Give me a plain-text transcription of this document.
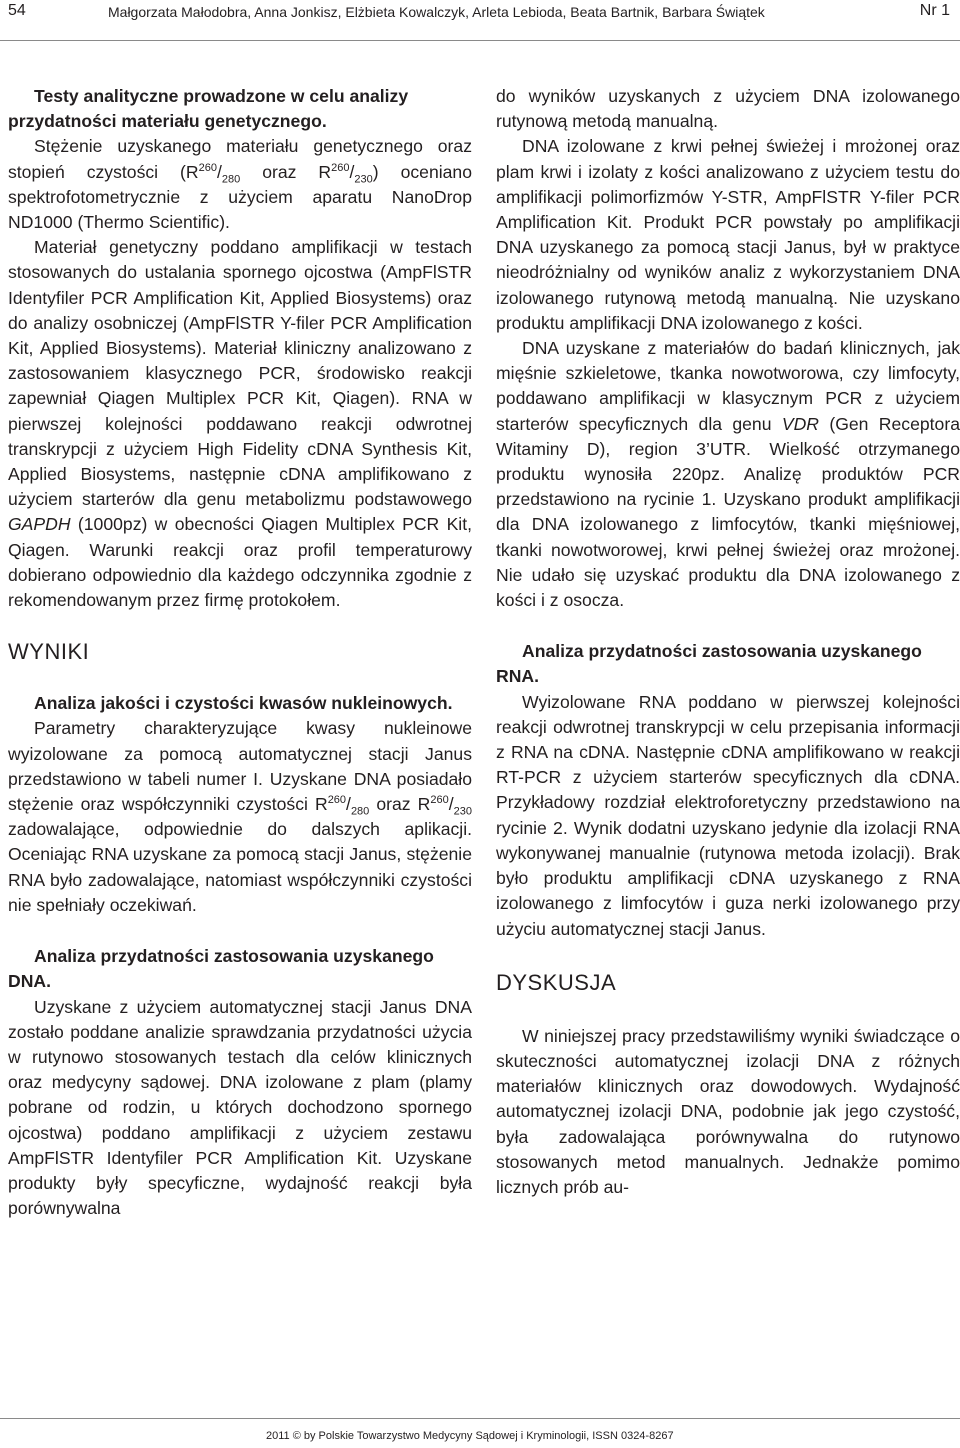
54	Małgorzata Małodobra, Anna Jonkisz, Elżbieta Kowalczyk, Arleta Lebioda, Beata Bartnik, Barbara Świątek	Nr 1

Testy analityczne prowadzone w celu analizy przydatności materiału genetycznego.

Stężenie uzyskanego materiału genetycznego oraz stopień czystości ($R^{260}/_{280}$ oraz $R^{260}/_{230}$) oceniano spektrofotometrycznie z użyciem aparatu NanoDrop ND1000 (Thermo Scientific).

Materiał genetyczny poddano amplifikacji w testach stosowanych do ustalania spornego ojcostwa (AmpFlSTR Identyfiler PCR Amplification Kit, Applied Biosystems) oraz do analizy osobniczej (AmpFlSTR Y-filer PCR Amplification Kit, Applied Biosystems). Materiał kliniczny analizowano z zastosowaniem klasycznego PCR, środowisko reakcji zapewniał Qiagen Multiplex PCR Kit, Qiagen). RNA w pierwszej kolejności poddawano reakcji odwrotnej transkrypcji z użyciem High Fidelity cDNA Synthesis Kit, Applied Biosystems, następnie cDNA amplifikowano z użyciem starterów dla genu metabolizmu podstawowego GAPDH (1000pz) w obecności Qiagen Multiplex PCR Kit, Qiagen. Warunki reakcji oraz profil temperaturowy dobierano odpowiednio dla każdego odczynnika zgodnie z rekomendowanym przez firmę protokołem.

WYNIKI

Analiza jakości i czystości kwasów nukleinowych.

Parametry charakteryzujące kwasy nukleinowe wyizolowane za pomocą automatycznej stacji Janus przedstawiono w tabeli numer I. Uzyskane DNA posiadało stężenie oraz współczynniki czystości $R^{260}/_{280}$ oraz $R^{260}/_{230}$ zadowalające, odpowiednie do dalszych aplikacji. Oceniając RNA uzyskane za pomocą stacji Janus, stężenie RNA było zadowalające, natomiast współczynniki czystości nie spełniały oczekiwań.

Analiza przydatności zastosowania uzyskanego DNA.

Uzyskane z użyciem automatycznej stacji Janus DNA zostało poddane analizie sprawdzania przydatności użycia w rutynowo stosowanych testach dla celów klinicznych oraz medycyny sądowej. DNA izolowane z plam (plamy pobrane od rodzin, u których dochodzono spornego ojcostwa) poddano amplifikacji z użyciem zestawu AmpFlSTR Identyfiler PCR Amplification Kit. Uzyskane produkty były specyficzne, wydajność reakcji była porównywalna

do wyników uzyskanych z użyciem DNA izolowanego rutynową metodą manualną.

DNA izolowane z krwi pełnej świeżej i mrożonej oraz plam krwi i izolaty z kości analizowano z użyciem testu do amplifikacji polimorfizmów Y-STR, AmpFlSTR Y-filer PCR Amplification Kit. Produkt PCR powstały po amplifikacji DNA uzyskanego za pomocą stacji Janus, był w praktyce nieodróżnialny od wyników analiz z wykorzystaniem DNA izolowanego rutynową metodą manualną. Nie uzyskano produktu amplifikacji DNA izolowanego z kości.

DNA uzyskane z materiałów do badań klinicznych, jak mięśnie szkieletowe, tkanka nowotworowa, czy limfocyty, poddawano amplifikacji w klasycznym PCR z użyciem starterów specyficznych dla genu VDR (Gen Receptora Witaminy D), region 3’UTR. Wielkość otrzymanego produktu wynosiła 220pz. Analizę produktów PCR przedstawiono na rycinie 1. Uzyskano produkt amplifikacji dla DNA izolowanego z limfocytów, tkanki mięśniowej, tkanki nowotworowej, krwi pełnej świeżej oraz mrożonej. Nie udało się uzyskać produktu dla DNA izolowanego z kości i z osocza.

Analiza przydatności zastosowania uzyskanego RNA.

Wyizolowane RNA poddano w pierwszej kolejności reakcji odwrotnej transkrypcji w celu przepisania informacji z RNA na cDNA. Następnie cDNA amplifikowano w reakcji RT-PCR z użyciem starterów specyficznych dla cDNA. Przykładowy rozdział elektroforetyczny przedstawiono na rycinie 2. Wynik dodatni uzyskano jedynie dla izolacji RNA wykonywanej manualnie (rutynowa metoda izolacji). Brak było produktu amplifikacji cDNA uzyskanego z RNA izolowanego z limfocytów i guza nerki izolowanego przy użyciu automatycznej stacji Janus.

DYSKUSJA

W niniejszej pracy przedstawiliśmy wyniki świadczące o skuteczności automatycznej izolacji DNA z różnych materiałów klinicznych oraz dowodowych. Wydajność automatycznej izolacji DNA, podobnie jak jego czystość, była zadowalająca porównywalna do rutynowo stosowanych metod manualnych. Jednakże pomimo licznych prób au-

2011 © by Polskie Towarzystwo Medycyny Sądowej i Kryminologii, ISSN 0324-8267
